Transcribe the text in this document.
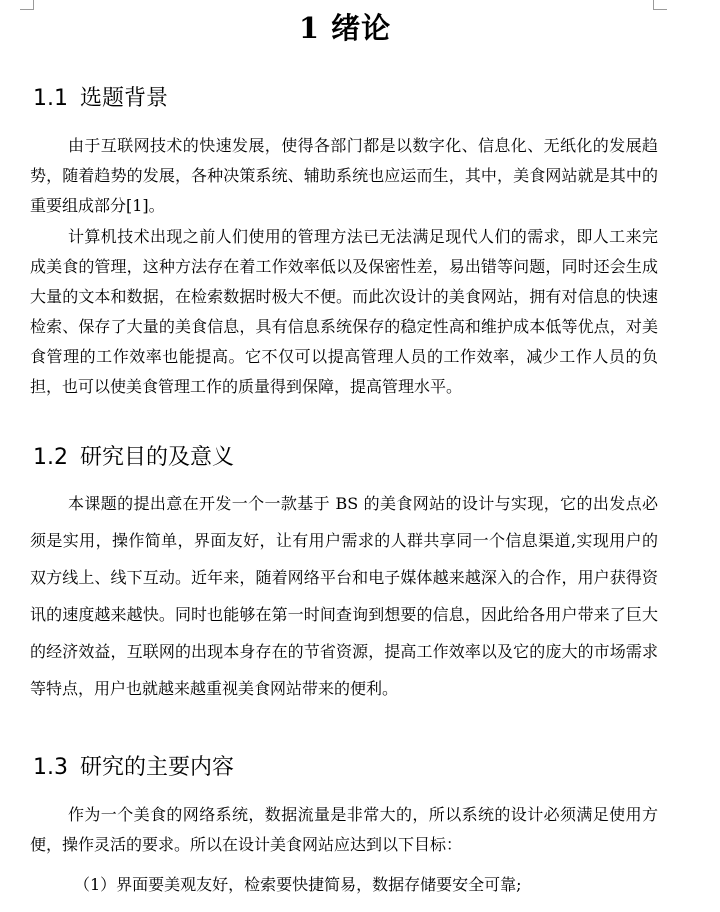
1 绪论
1.1 选题背景

由于互联网技术的快速发展，使得各部门都是以数字化、信息化、无纸化的发展趋势，随着趋势的发展，各种决策系统、辅助系统也应运而生，其中，美食网站就是其中的重要组成部分[1]。

计算机技术出现之前人们使用的管理方法已无法满足现代人们的需求，即人工来完成美食的管理，这种方法存在着工作效率低以及保密性差，易出错等问题，同时还会生成大量的文本和数据，在检索数据时极大不便。而此次设计的美食网站，拥有对信息的快速检索、保存了大量的美食信息，具有信息系统保存的稳定性高和维护成本低等优点，对美食管理的工作效率也能提高。它不仅可以提高管理人员的工作效率，减少工作人员的负担，也可以使美食管理工作的质量得到保障，提高管理水平。

1.2 研究目的及意义

本课题的提出意在开发一个一款基于 BS 的美食网站的设计与实现，它的出发点必须是实用，操作简单，界面友好，让有用户需求的人群共享同一个信息渠道,实现用户的双方线上、线下互动。近年来，随着网络平台和电子媒体越来越深入的合作，用户获得资讯的速度越来越快。同时也能够在第一时间查询到想要的信息，因此给各用户带来了巨大的经济效益，互联网的出现本身存在的节省资源，提高工作效率以及它的庞大的市场需求等特点，用户也就越来越重视美食网站带来的便利。

1.3 研究的主要内容

作为一个美食的网络系统，数据流量是非常大的，所以系统的设计必须满足使用方便，操作灵活的要求。所以在设计美食网站应达到以下目标：

（1）界面要美观友好，检索要快捷简易，数据存储要安全可靠;
